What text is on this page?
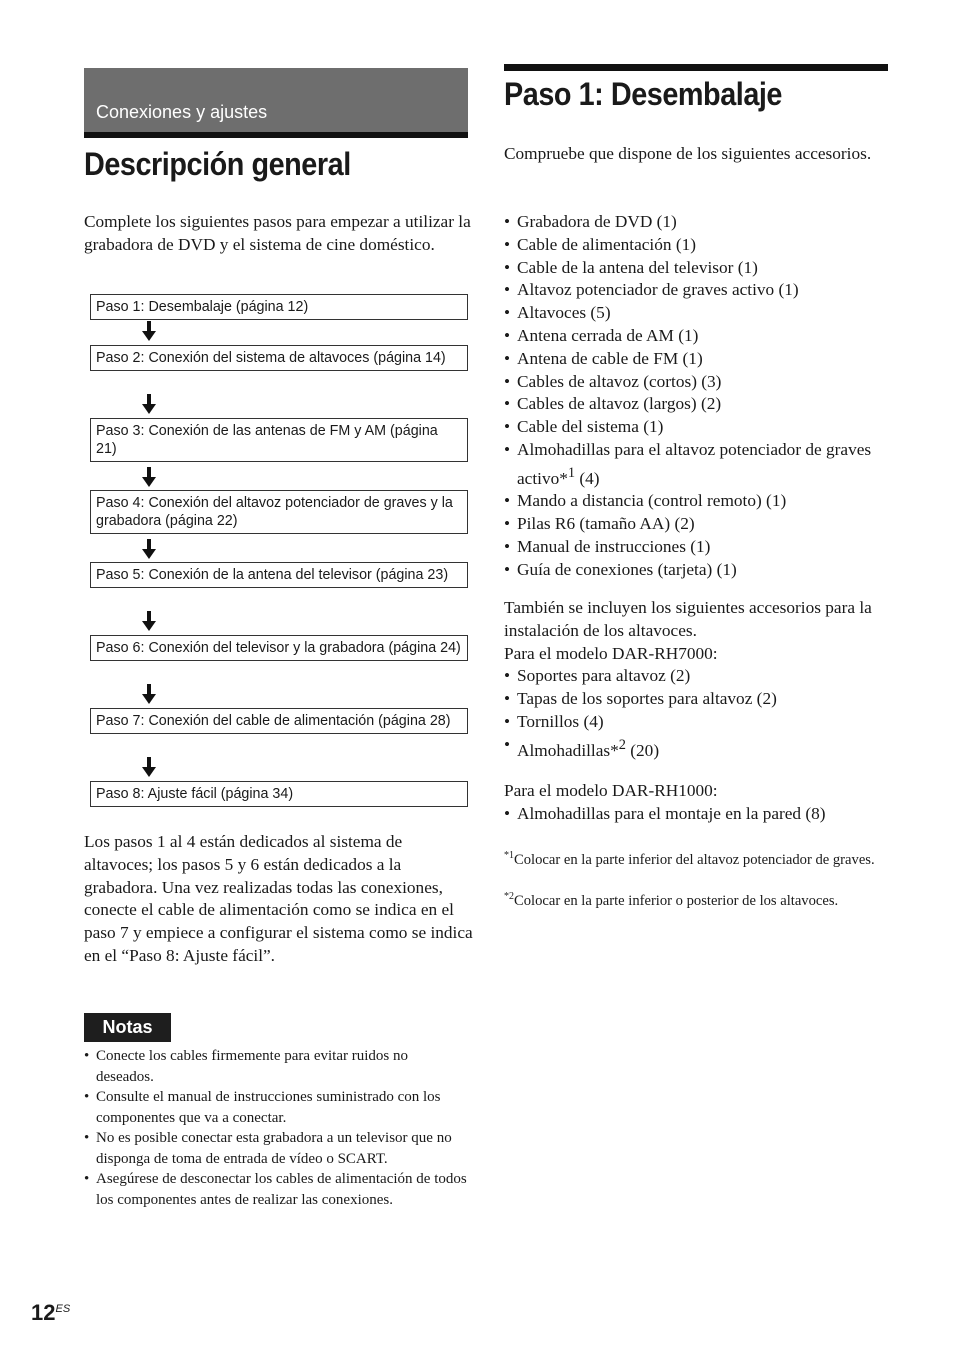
Conexiones y ajustes
Descripción general
Complete los siguientes pasos para empezar a utilizar la grabadora de DVD y el sistema de cine doméstico.
Paso 1: Desembalaje (página 12)
Paso 2: Conexión del sistema de altavoces (página 14)
Paso 3: Conexión de las antenas de FM y AM (página 21)
Paso 4: Conexión del altavoz potenciador de graves y la grabadora (página 22)
Paso 5: Conexión de la antena del televisor (página 23)
Paso 6: Conexión del televisor y la grabadora (página 24)
Paso 7: Conexión del cable de alimentación (página 28)
Paso 8: Ajuste fácil (página 34)
Los pasos 1 al 4 están dedicados al sistema de altavoces; los pasos 5 y 6 están dedicados a la grabadora. Una vez realizadas todas las conexiones, conecte el cable de alimentación como se indica en el paso 7 y empiece a configurar el sistema como se indica en el “Paso 8: Ajuste fácil”.
Notas
• Conecte los cables firmemente para evitar ruidos no deseados.
• Consulte el manual de instrucciones suministrado con los componentes que va a conectar.
• No es posible conectar esta grabadora a un televisor que no disponga de toma de entrada de vídeo o SCART.
• Asegúrese de desconectar los cables de alimentación de todos los componentes antes de realizar las conexiones.
$12^{ES}$
Paso 1: Desembalaje
Compruebe que dispone de los siguientes accesorios.
• Grabadora de DVD (1)
• Cable de alimentación (1)
• Cable de la antena del televisor (1)
• Altavoz potenciador de graves activo (1)
• Altavoces (5)
• Antena cerrada de AM (1)
• Antena de cable de FM (1)
• Cables de altavoz (cortos) (3)
• Cables de altavoz (largos) (2)
• Cable del sistema (1)
• Almohadillas para el altavoz potenciador de graves activo*$^1$ (4)
• Mando a distancia (control remoto) (1)
• Pilas R6 (tamaño AA) (2)
• Manual de instrucciones (1)
• Guía de conexiones (tarjeta) (1)
También se incluyen los siguientes accesorios para la instalación de los altavoces.
Para el modelo DAR-RH7000:
• Soportes para altavoz (2)
• Tapas de los soportes para altavoz (2)
• Tornillos (4)
• Almohadillas*$^2$ (20)
Para el modelo DAR-RH1000:
• Almohadillas para el montaje en la pared (8)
$^{*1}$Colocar en la parte inferior del altavoz potenciador de graves.
$^{*2}$Colocar en la parte inferior o posterior de los altavoces.
